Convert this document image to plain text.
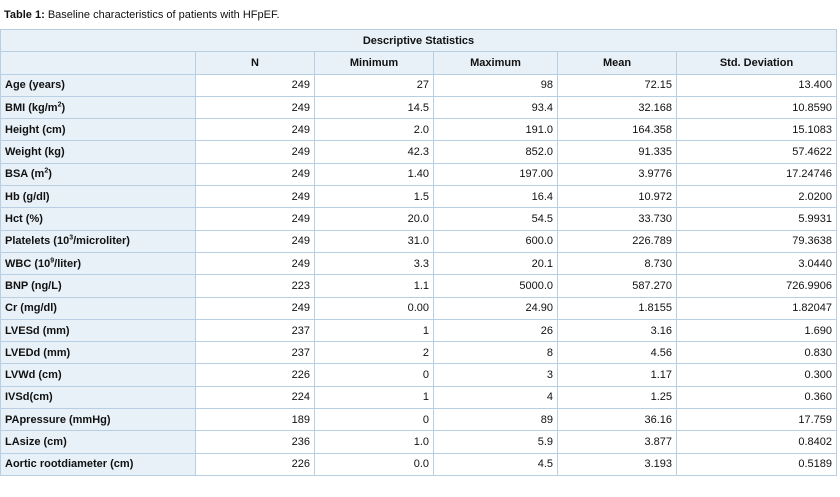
Table 1: Baseline characteristics of patients with HFpEF.
Descriptive Statistics					
	N	Minimum	Maximum	Mean	Std. Deviation
Age (years)	249	27	98	72.15	13.400
BMI $(kg/m^2)$	249	14.5	93.4	32.168	10.8590
Height (cm)	249	2.0	191.0	164.358	15.1083
Weight (kg)	249	42.3	852.0	91.335	57.4622
BSA $(m^2)$	249	1.40	197.00	3.9776	17.24746
Hb (g/dl)	249	1.5	16.4	10.972	2.0200
Hct (%)	249	20.0	54.5	33.730	5.9931
Platelets $(10^3/microliter)$	249	31.0	600.0	226.789	79.3638
WBC $(10^9/liter)$	249	3.3	20.1	8.730	3.0440
BNP (ng/L)	223	1.1	5000.0	587.270	726.9906
Cr (mg/dl)	249	0.00	24.90	1.8155	1.82047
LVESd (mm)	237	1	26	3.16	1.690
LVEDd (mm)	237	2	8	4.56	0.830
LVWd (cm)	226	0	3	1.17	0.300
IVSd(cm)	224	1	4	1.25	0.360
PApressure (mmHg)	189	0	89	36.16	17.759
LAsize (cm)	236	1.0	5.9	3.877	0.8402
Aortic rootdiameter (cm)	226	0.0	4.5	3.193	0.5189
